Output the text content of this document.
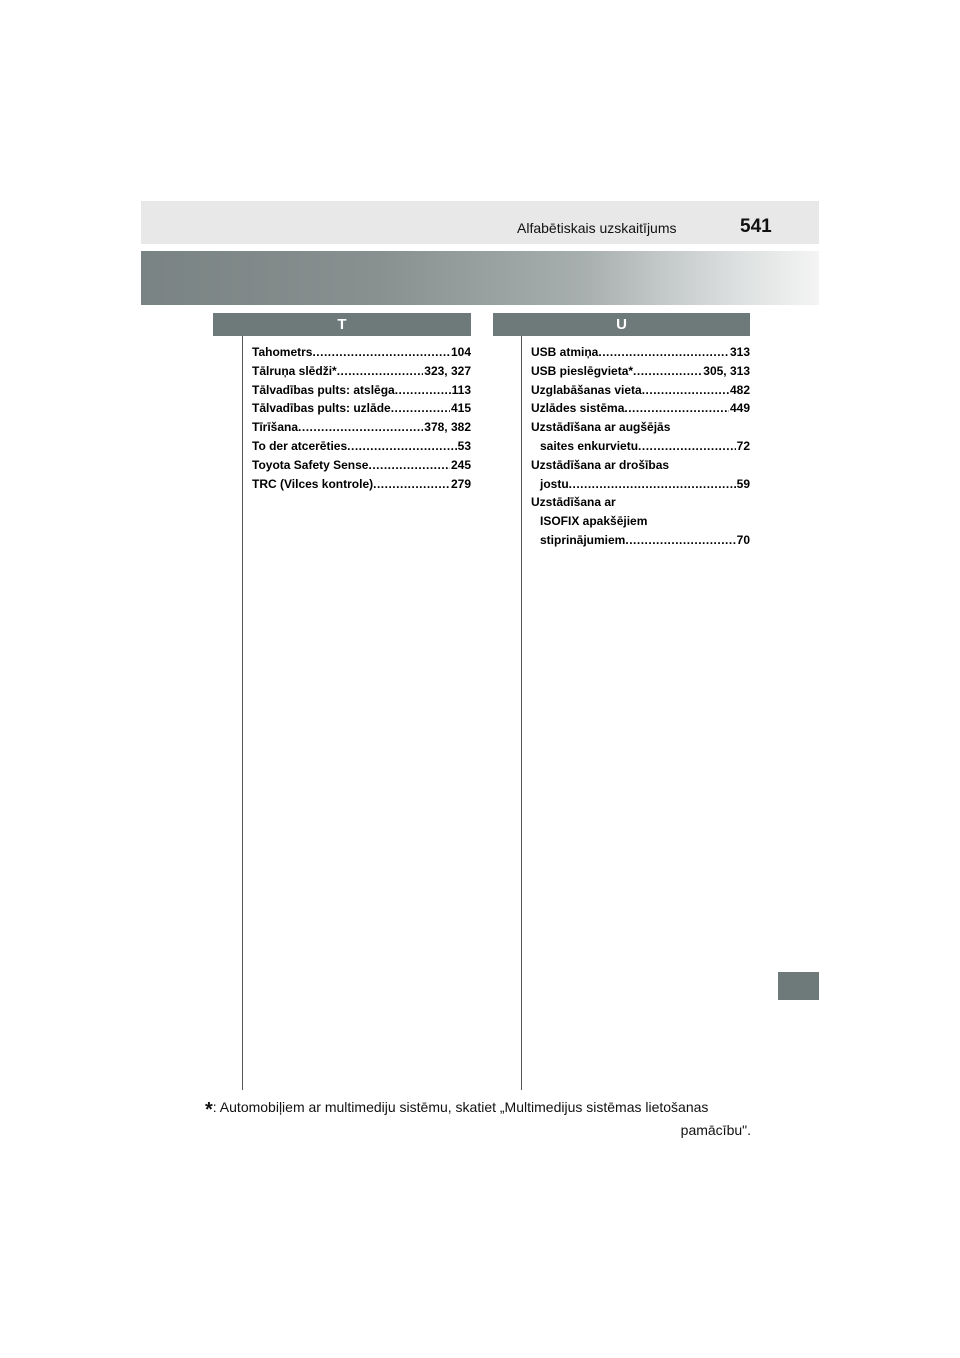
Alfabētiskais uzskaitījums	541
T	U
Tahometrs .....	104
Tālruņa slēdži* .....	323, 327
Tālvadības pults: atslēga .....	113
Tālvadības pults: uzlāde .....	415
Tīrīšana .....	378, 382
To der atcerēties .....	53
Toyota Safety Sense .....	245
TRC (Vilces kontrole) .....	279
USB atmiņa .....	313
USB pieslēgvieta* .....	305, 313
Uzglabāšanas vieta .....	482
Uzlādes sistēma .....	449
Uzstādīšana ar augšējās
saites enkurvietu .....	72
Uzstādīšana ar drošības
jostu .....	59
Uzstādīšana ar
ISOFIX apakšējiem
stiprinājumiem .....	70
*: Automobiļiem ar multimediju sistēmu, skatiet „Multimedijus sistēmas lietošanas
pamācību".
